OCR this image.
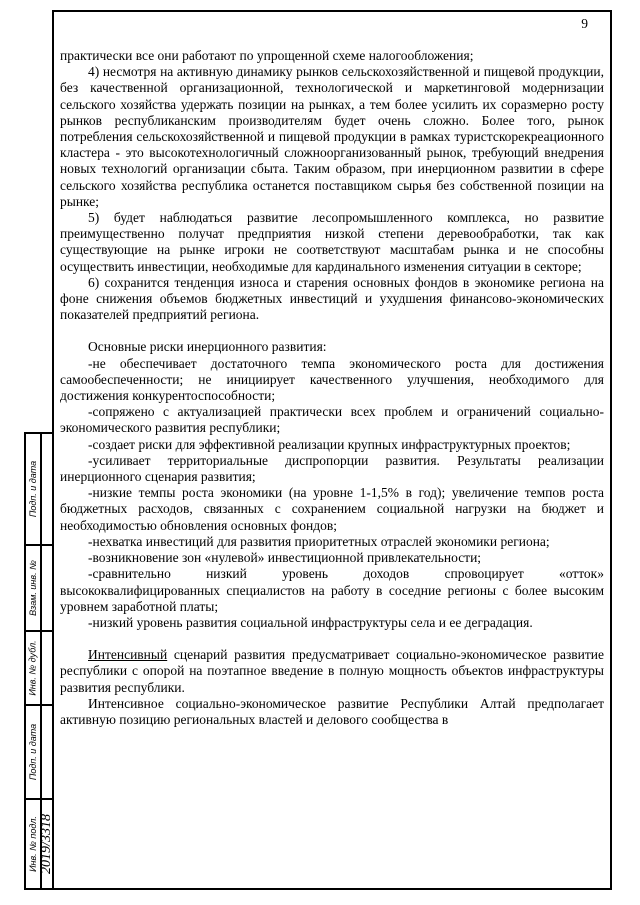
9

практически все они работают по упрощенной схеме налогообложения;

4) несмотря на активную динамику рынков сельскохозяйственной и пищевой продукции, без качественной организационной, технологической и маркетинговой модернизации сельского хозяйства удержать позиции на рынках, а тем более усилить их соразмерно росту рынков республиканским производителям будет очень сложно. Более того, рынок потребления сельскохозяйственной и пищевой продукции в рамках туристскорекреационного кластера - это высокотехнологичный сложноорганизованный рынок, требующий внедрения новых технологий организации сбыта. Таким образом, при инерционном развитии в сфере сельского хозяйства республика останется поставщиком сырья без собственной позиции на рынке;

5) будет наблюдаться развитие лесопромышленного комплекса, но развитие преимущественно получат предприятия низкой степени деревообработки, так как существующие на рынке игроки не соответствуют масштабам рынка и не способны осуществить инвестиции, необходимые для кардинального изменения ситуации в секторе;

6) сохранится тенденция износа и старения основных фондов в экономике региона на фоне снижения объемов бюджетных инвестиций и ухудшения финансово-экономических показателей предприятий региона.

Основные риски инерционного развития:

-не обеспечивает достаточного темпа экономического роста для достижения самообеспеченности; не инициирует качественного улучшения, необходимого для достижения конкурентоспособности;

-сопряжено с актуализацией практически всех проблем и ограничений социально-экономического развития республики;

-создает риски для эффективной реализации крупных инфраструктурных проектов;

-усиливает территориальные диспропорции развития. Результаты реализации инерционного сценария развития;

-низкие темпы роста экономики (на уровне 1-1,5% в год); увеличение темпов роста бюджетных расходов, связанных с сохранением социальной нагрузки на бюджет и необходимостью обновления основных фондов;

-нехватка инвестиций для развития приоритетных отраслей экономики региона;

-возникновение зон «нулевой» инвестиционной привлекательности;

-сравнительно низкий уровень доходов спровоцирует «отток» высококвалифицированных специалистов на работу в соседние регионы с более высоким уровнем заработной платы;

-низкий уровень развития социальной инфраструктуры села и ее деградация.

Интенсивный сценарий развития предусматривает социально-экономическое развитие республики с опорой на поэтапное введение в полную мощность объектов инфраструктуры развития республики.

Интенсивное социально-экономическое развитие Республики Алтай предполагает активную позицию региональных властей и делового сообщества в

Подп. и дата
Взам. инв. №
Инв. № дубл.
Подп. и дата
Инв. № подл. 2019/3318
